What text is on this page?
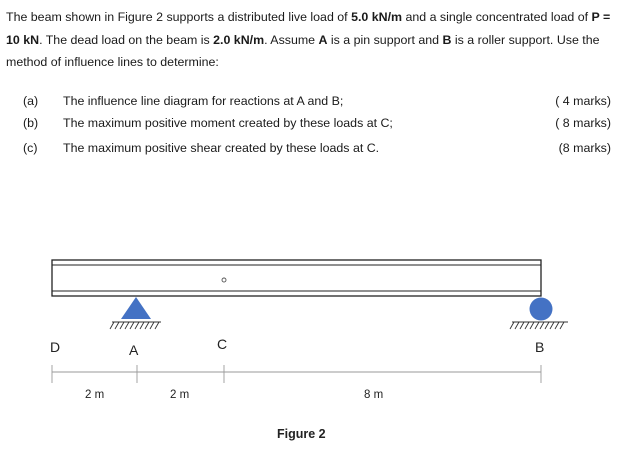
The beam shown in Figure 2 supports a distributed live load of 5.0 kN/m and a single concentrated load of P = 10 kN. The dead load on the beam is 2.0 kN/m. Assume A is a pin support and B is a roller support. Use the method of influence lines to determine:
(a) The influence line diagram for reactions at A and B;	( 4 marks)
(b) The maximum positive moment created by these loads at C;	( 8 marks)
(c) The maximum positive shear created by these loads at C.	(8 marks)
D	A	C	B
2 m	2 m	8 m
Figure 2
